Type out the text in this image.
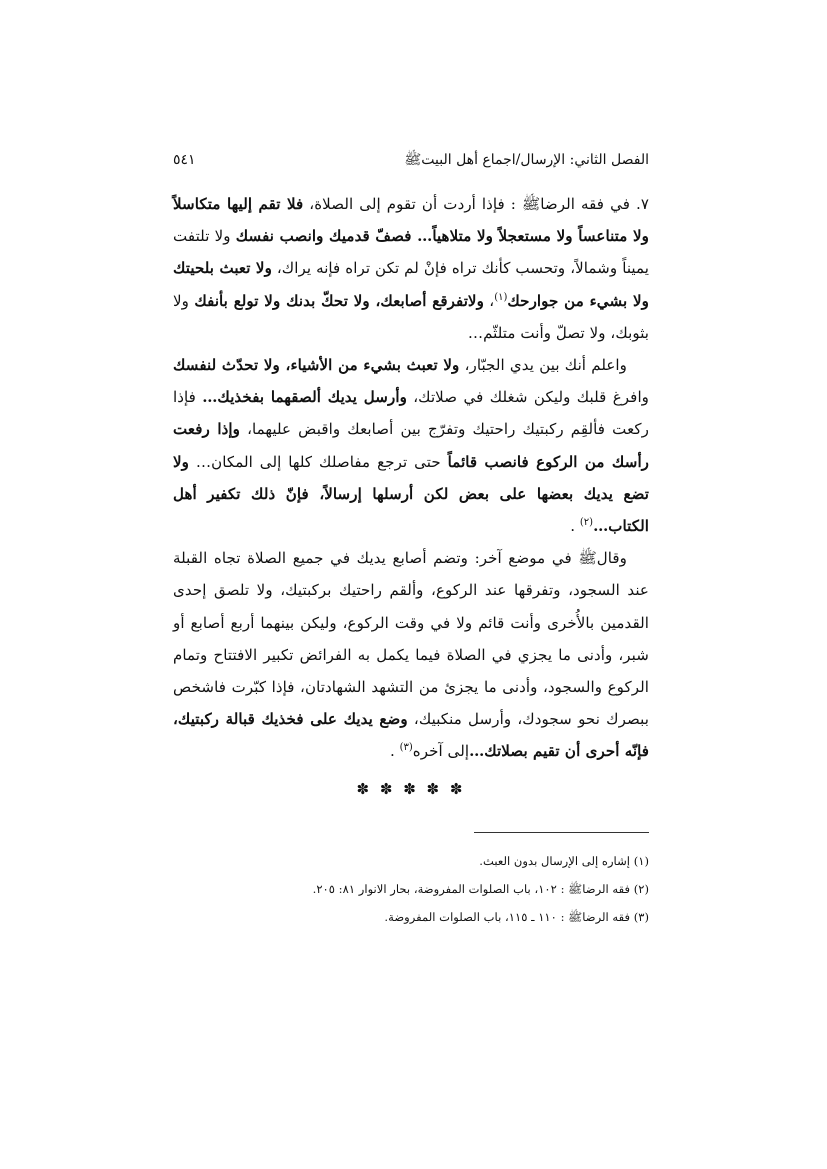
الفصل الثاني: الإرسال/اجماع أهل البيتﷺ
٥٤١

٧. في فقه الرضاﷺ : فإذا أردت أن تقوم إلى الصلاة، فلا تقم إليها متكاسلاً ولا متناعساً ولا مستعجلاً ولا متلاهياً… فصفّ قدميك وانصب نفسك ولا تلتفت يميناً وشمالاً، وتحسب كأنك تراه فإنْ لم تكن تراه فإنه يراك، ولا تعبث بلحيتك ولا بشيء من جوارحك$^{(١)}$، ولاتفرقع أصابعك، ولا تحكّ بدنك ولا تولع بأنفك ولا بثوبك، ولا تصلّ وأنت متلثّم…

واعلم أنك بين يدي الجبّار، ولا تعبث بشيء من الأشياء، ولا تحدّث لنفسك وافرغ قلبك وليكن شغلك في صلاتك، وأرسل يديك ألصقهما بفخذيك… فإذا ركعت فألقِم ركبتيك راحتيك وتفرّج بين أصابعك واقبض عليهما، وإذا رفعت رأسك من الركوع فانصب قائماً حتى ترجع مفاصلك كلها إلى المكان… ولا تضع يديك بعضها على بعض لكن أرسلها إرسالاً، فإنّ ذلك تكفير أهل الكتاب…$^{(٢)}$ .

وقالﷺ في موضع آخر: وتضم أصابع يديك في جميع الصلاة تجاه القبلة عند السجود، وتفرقها عند الركوع، وألقم راحتيك بركبتيك، ولا تلصق إحدى القدمين بالأُخرى وأنت قائم ولا في وقت الركوع، وليكن بينهما أربع أصابع أو شبر، وأدنى ما يجزي في الصلاة فيما يكمل به الفرائض تكبير الافتتاح وتمام الركوع والسجود، وأدنى ما يجزئ من التشهد الشهادتان، فإذا كبّرت فاشخص ببصرك نحو سجودك، وأرسل منكبيك، وضع يديك على فخذيك قبالة ركبتيك، فإنّه أحرى أن تقيم بصلاتك…إلى آخره$^{(٣)}$ .

✽ ✽ ✽ ✽ ✽
(١) إشاره إلى الإرسال بدون العبث.
(٢) فقه الرضاﷺ : ١٠٢، باب الصلوات المفروضة، بحار الانوار ٨١: ٢٠٥.
(٣) فقه الرضاﷺ : ١١٠ ـ ١١٥، باب الصلوات المفروضة.
